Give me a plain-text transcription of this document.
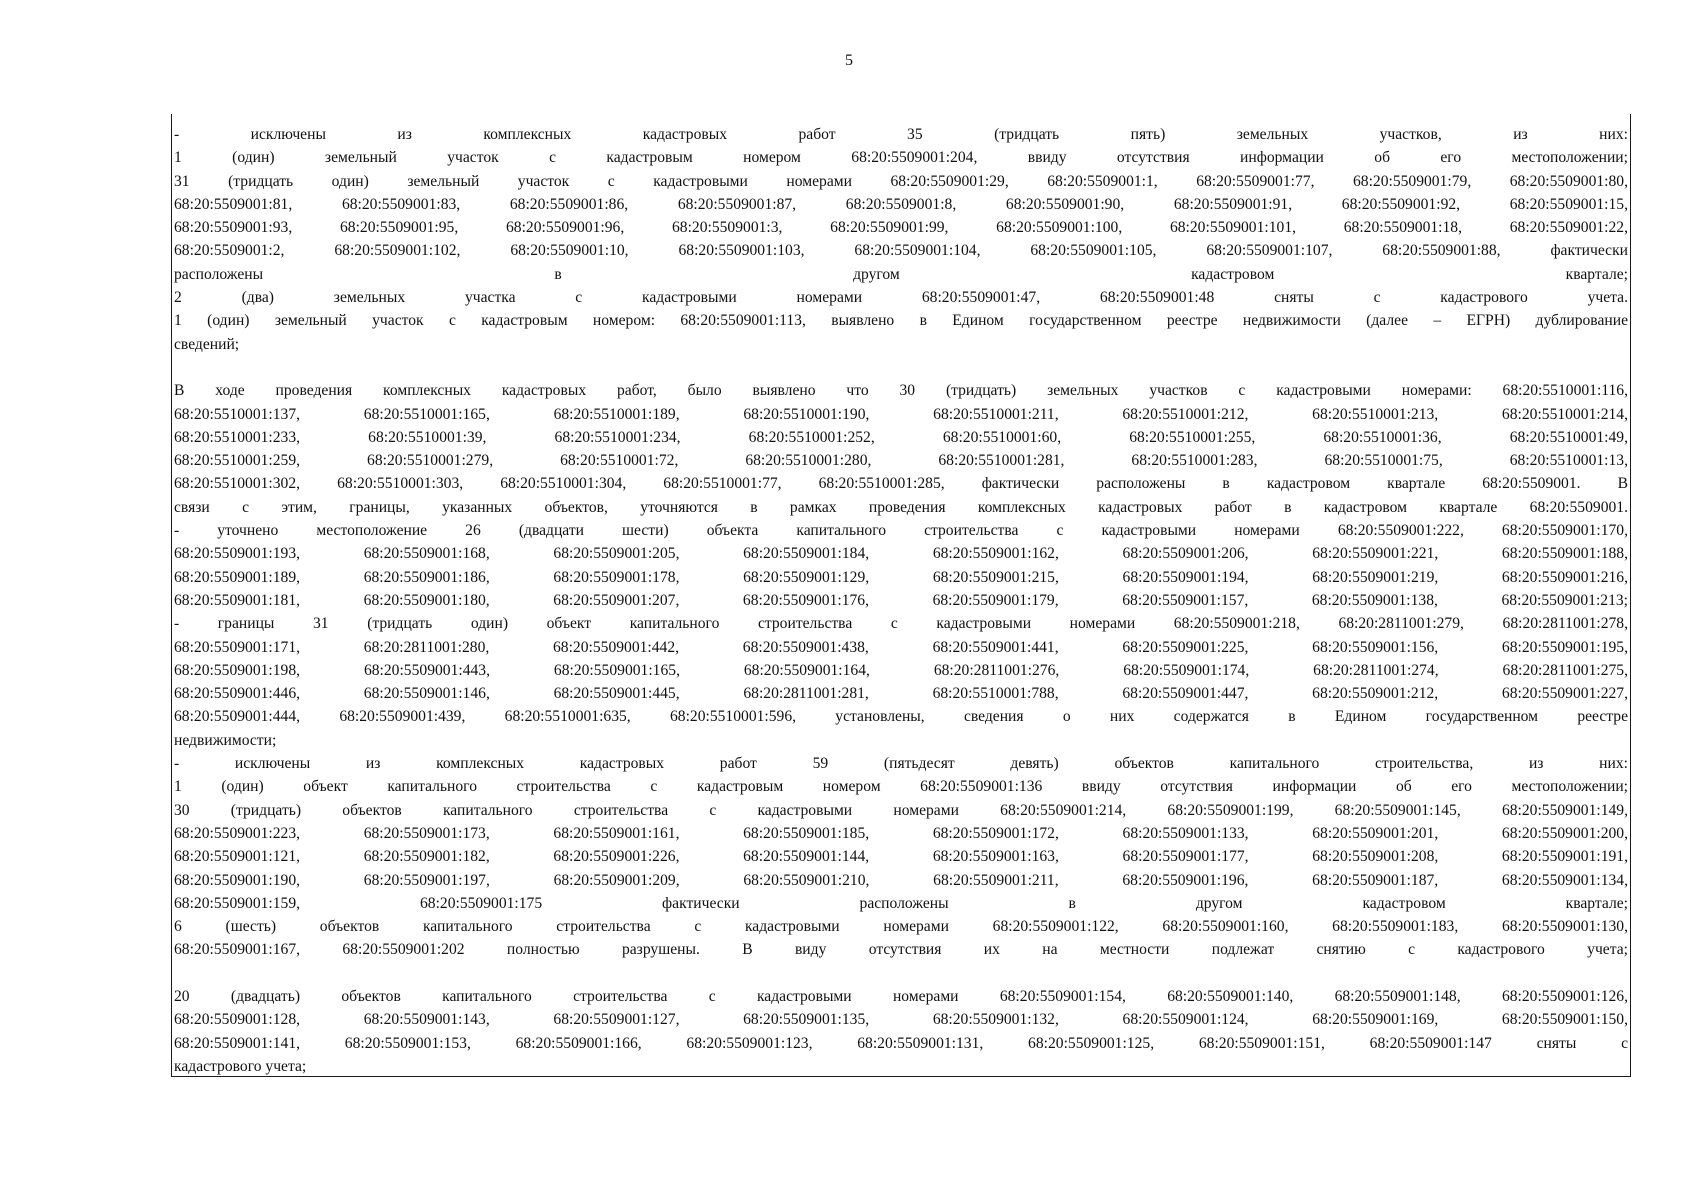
5
- исключены из комплексных кадастровых работ 35 (тридцать пять) земельных участков, из них:
1 (один) земельный участок с кадастровым номером 68:20:5509001:204, ввиду отсутствия информации об его местоположении;
31 (тридцать один) земельный участок с кадастровыми номерами 68:20:5509001:29, 68:20:5509001:1, 68:20:5509001:77, 68:20:5509001:79, 68:20:5509001:80,
68:20:5509001:81, 68:20:5509001:83, 68:20:5509001:86, 68:20:5509001:87, 68:20:5509001:8, 68:20:5509001:90, 68:20:5509001:91, 68:20:5509001:92, 68:20:5509001:15,
68:20:5509001:93, 68:20:5509001:95, 68:20:5509001:96, 68:20:5509001:3, 68:20:5509001:99, 68:20:5509001:100, 68:20:5509001:101, 68:20:5509001:18, 68:20:5509001:22,
68:20:5509001:2, 68:20:5509001:102, 68:20:5509001:10, 68:20:5509001:103, 68:20:5509001:104, 68:20:5509001:105, 68:20:5509001:107, 68:20:5509001:88, фактически
расположены в другом кадастровом квартале;
2 (два) земельных участка с кадастровыми номерами 68:20:5509001:47, 68:20:5509001:48 сняты с кадастрового учета.
1 (один) земельный участок с кадастровым номером: 68:20:5509001:113, выявлено в Едином государственном реестре недвижимости (далее – ЕГРН) дублирование
сведений;

В ходе проведения комплексных кадастровых работ, было выявлено что 30 (тридцать) земельных участков с кадастровыми номерами: 68:20:5510001:116,
68:20:5510001:137, 68:20:5510001:165, 68:20:5510001:189, 68:20:5510001:190, 68:20:5510001:211, 68:20:5510001:212, 68:20:5510001:213, 68:20:5510001:214,
68:20:5510001:233, 68:20:5510001:39, 68:20:5510001:234, 68:20:5510001:252, 68:20:5510001:60, 68:20:5510001:255, 68:20:5510001:36, 68:20:5510001:49,
68:20:5510001:259, 68:20:5510001:279, 68:20:5510001:72, 68:20:5510001:280, 68:20:5510001:281, 68:20:5510001:283, 68:20:5510001:75, 68:20:5510001:13,
68:20:5510001:302, 68:20:5510001:303, 68:20:5510001:304, 68:20:5510001:77, 68:20:5510001:285, фактически расположены в кадастровом квартале 68:20:5509001. В
связи с этим, границы, указанных объектов, уточняются в рамках проведения комплексных кадастровых работ в кадастровом квартале 68:20:5509001.
- уточнено местоположение 26 (двадцати шести) объекта капитального строительства с кадастровыми номерами 68:20:5509001:222, 68:20:5509001:170,
68:20:5509001:193, 68:20:5509001:168, 68:20:5509001:205, 68:20:5509001:184, 68:20:5509001:162, 68:20:5509001:206, 68:20:5509001:221, 68:20:5509001:188,
68:20:5509001:189, 68:20:5509001:186, 68:20:5509001:178, 68:20:5509001:129, 68:20:5509001:215, 68:20:5509001:194, 68:20:5509001:219, 68:20:5509001:216,
68:20:5509001:181, 68:20:5509001:180, 68:20:5509001:207, 68:20:5509001:176, 68:20:5509001:179, 68:20:5509001:157, 68:20:5509001:138, 68:20:5509001:213;
- границы 31 (тридцать один) объект капитального строительства с кадастровыми номерами 68:20:5509001:218, 68:20:2811001:279, 68:20:2811001:278,
68:20:5509001:171, 68:20:2811001:280, 68:20:5509001:442, 68:20:5509001:438, 68:20:5509001:441, 68:20:5509001:225, 68:20:5509001:156, 68:20:5509001:195,
68:20:5509001:198, 68:20:5509001:443, 68:20:5509001:165, 68:20:5509001:164, 68:20:2811001:276, 68:20:5509001:174, 68:20:2811001:274, 68:20:2811001:275,
68:20:5509001:446, 68:20:5509001:146, 68:20:5509001:445, 68:20:2811001:281, 68:20:5510001:788, 68:20:5509001:447, 68:20:5509001:212, 68:20:5509001:227,
68:20:5509001:444, 68:20:5509001:439, 68:20:5510001:635, 68:20:5510001:596, установлены, сведения о них содержатся в Едином государственном реестре
недвижимости;
- исключены из комплексных кадастровых работ 59 (пятьдесят девять) объектов капитального строительства, из них:
1 (один) объект капитального строительства с кадастровым номером 68:20:5509001:136 ввиду отсутствия информации об его местоположении;
30 (тридцать) объектов капитального строительства с кадастровыми номерами 68:20:5509001:214, 68:20:5509001:199, 68:20:5509001:145, 68:20:5509001:149,
68:20:5509001:223, 68:20:5509001:173, 68:20:5509001:161, 68:20:5509001:185, 68:20:5509001:172, 68:20:5509001:133, 68:20:5509001:201, 68:20:5509001:200,
68:20:5509001:121, 68:20:5509001:182, 68:20:5509001:226, 68:20:5509001:144, 68:20:5509001:163, 68:20:5509001:177, 68:20:5509001:208, 68:20:5509001:191,
68:20:5509001:190, 68:20:5509001:197, 68:20:5509001:209, 68:20:5509001:210, 68:20:5509001:211, 68:20:5509001:196, 68:20:5509001:187, 68:20:5509001:134,
68:20:5509001:159, 68:20:5509001:175 фактически расположены в другом кадастровом квартале;
6 (шесть) объектов капитального строительства с кадастровыми номерами 68:20:5509001:122, 68:20:5509001:160, 68:20:5509001:183, 68:20:5509001:130,
68:20:5509001:167, 68:20:5509001:202 полностью разрушены. В виду отсутствия их на местности подлежат снятию с кадастрового учета;

20 (двадцать) объектов капитального строительства с кадастровыми номерами 68:20:5509001:154, 68:20:5509001:140, 68:20:5509001:148, 68:20:5509001:126,
68:20:5509001:128, 68:20:5509001:143, 68:20:5509001:127, 68:20:5509001:135, 68:20:5509001:132, 68:20:5509001:124, 68:20:5509001:169, 68:20:5509001:150,
68:20:5509001:141, 68:20:5509001:153, 68:20:5509001:166, 68:20:5509001:123, 68:20:5509001:131, 68:20:5509001:125, 68:20:5509001:151, 68:20:5509001:147 сняты с
кадастрового учета;
